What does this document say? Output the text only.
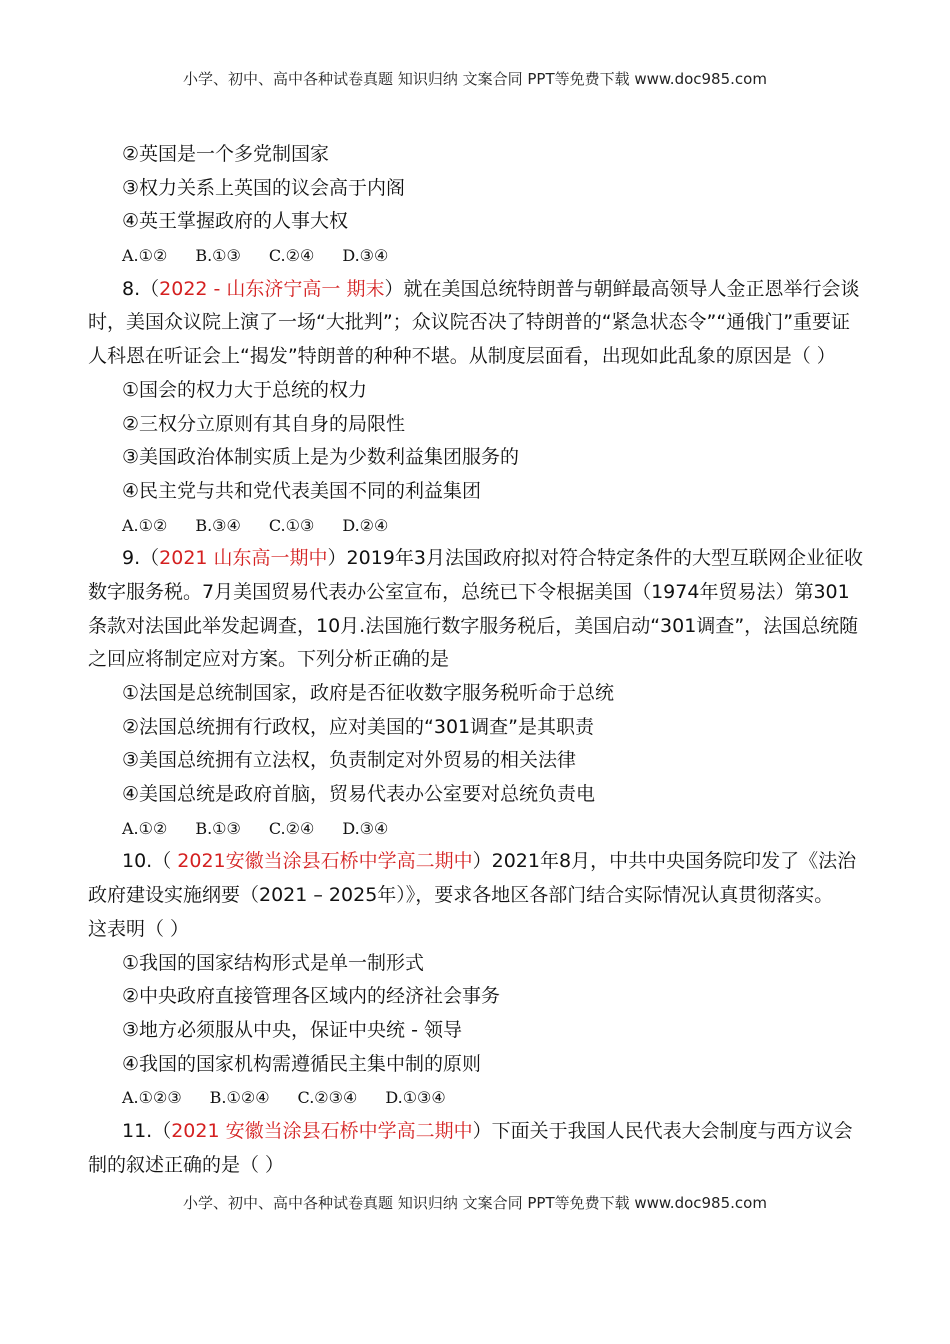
小学、初中、高中各种试卷真题 知识归纳 文案合同 PPT等免费下载 www.doc985.com
②英国是一个多党制国家
③权力关系上英国的议会高于内阁
④英王掌握政府的人事大权
A.①② B.①③ C.②④ D.③④
8.（2022 - 山东济宁高一 期末）就在美国总统特朗普与朝鲜最高领导人金正恩举行会谈
时，美国众议院上演了一场“大批判”；众议院否决了特朗普的“紧急状态令”“通俄门”重要证
人科恩在听证会上“揭发”特朗普的种种不堪。从制度层面看，出现如此乱象的原因是（ ）
①国会的权力大于总统的权力
②三权分立原则有其自身的局限性
③美国政治体制实质上是为少数利益集团服务的
④民主党与共和党代表美国不同的利益集团
A.①② B.③④ C.①③ D.②④
9.（2021 山东高一期中）2019年3月法国政府拟对符合特定条件的大型互联网企业征收
数字服务税。7月美国贸易代表办公室宣布，总统已下令根据美国（1974年贸易法）第301
条款对法国此举发起调查，10月.法国施行数字服务税后，美国启动“301调查”，法国总统随
之回应将制定应对方案。下列分析正确的是
①法国是总统制国家，政府是否征收数字服务税听命于总统
②法国总统拥有行政权，应对美国的“301调查”是其职责
③美国总统拥有立法权，负责制定对外贸易的相关法律
④美国总统是政府首脑，贸易代表办公室要对总统负责电
A.①② B.①③ C.②④ D.③④
10.（ 2021安徽当涂县石桥中学高二期中）2021年8月，中共中央国务院印发了《法治
政府建设实施纲要（2021 – 2025年）》，要求各地区各部门结合实际情况认真贯彻落实。
这表明（ ）
①我国的国家结构形式是单一制形式
②中央政府直接管理各区域内的经济社会事务
③地方必须服从中央，保证中央统 - 领导
④我国的国家机构需遵循民主集中制的原则
A.①②③ B.①②④ C.②③④ D.①③④
11.（2021 安徽当涂县石桥中学高二期中）下面关于我国人民代表大会制度与西方议会
制的叙述正确的是（ ）
小学、初中、高中各种试卷真题 知识归纳 文案合同 PPT等免费下载 www.doc985.com
